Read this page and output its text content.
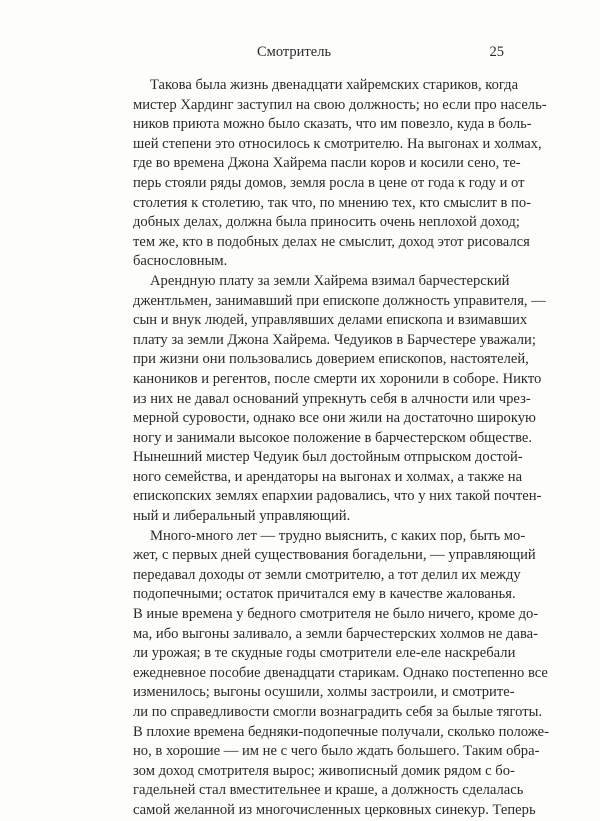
Смотритель	25
Такова была жизнь двенадцати хайремских стариков, когда
мистер Хардинг заступил на свою должность; но если про насель-
ников приюта можно было сказать, что им повезло, куда в боль-
шей степени это относилось к смотрителю. На выгонах и холмах,
где во времена Джона Хайрема пасли коров и косили сено, те-
перь стояли ряды домов, земля росла в цене от года к году и от
столетия к столетию, так что, по мнению тех, кто смыслит в по-
добных делах, должна была приносить очень неплохой доход;
тем же, кто в подобных делах не смыслит, доход этот рисовался
баснословным.
Арендную плату за земли Хайрема взимал барчестерский
джентльмен, занимавший при епископе должность управителя, —
сын и внук людей, управлявших делами епископа и взимавших
плату за земли Джона Хайрема. Чедуиков в Барчестере уважали;
при жизни они пользовались доверием епископов, настоятелей,
каноников и регентов, после смерти их хоронили в соборе. Никто
из них не давал оснований упрекнуть себя в алчности или чрез-
мерной суровости, однако все они жили на достаточно широкую
ногу и занимали высокое положение в барчестерском обществе.
Нынешний мистер Чедуик был достойным отпрыском достой-
ного семейства, и арендаторы на выгонах и холмах, а также на
епископских землях епархии радовались, что у них такой почтен-
ный и либеральный управляющий.
Много-много лет — трудно выяснить, с каких пор, быть мо-
жет, с первых дней существования богадельни, — управляющий
передавал доходы от земли смотрителю, а тот делил их между
подопечными; остаток причитался ему в качестве жалованья.
В иные времена у бедного смотрителя не было ничего, кроме до-
ма, ибо выгоны заливало, а земли барчестерских холмов не дава-
ли урожая; в те скудные годы смотрители еле-еле наскребали
ежедневное пособие двенадцати старикам. Однако постепенно все
изменилось; выгоны осушили, холмы застроили, и смотрите-
ли по справедливости смогли вознаградить себя за былые тяготы.
В плохие времена бедняки-подопечные получали, сколько положе-
но, в хорошие — им не с чего было ждать большего. Таким обра-
зом доход смотрителя вырос; живописный домик рядом с бо-
гадельней стал вместительнее и краше, а должность сделалась
самой желанной из многочисленных церковных синекур. Теперь
